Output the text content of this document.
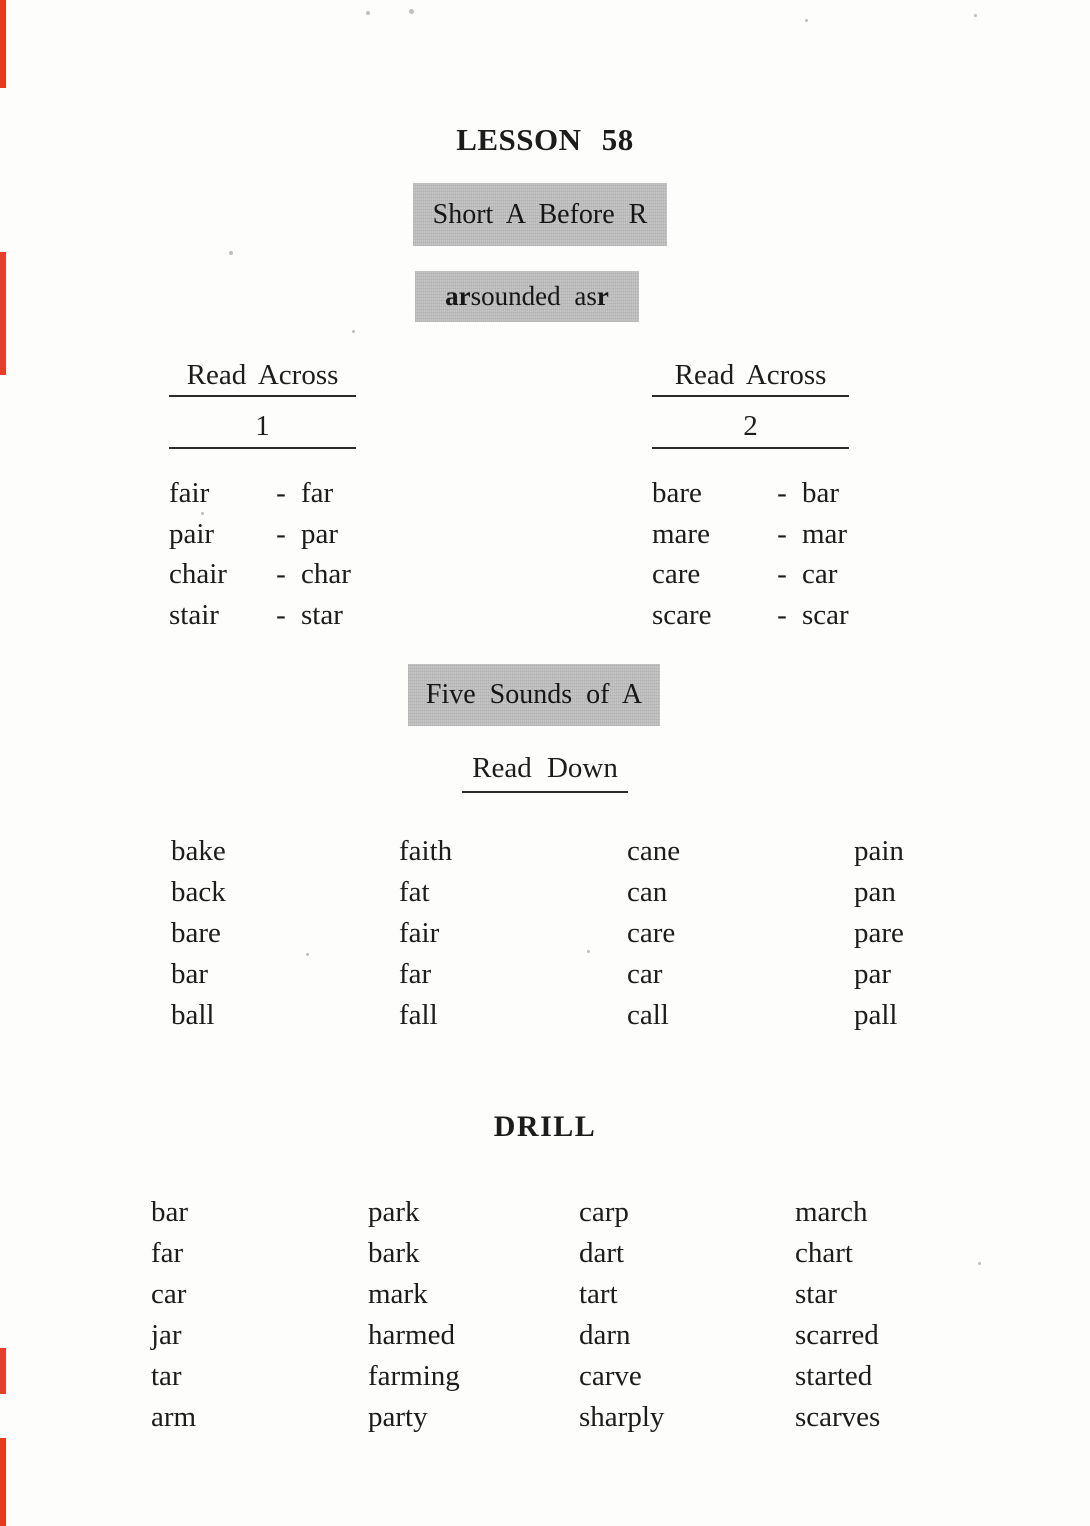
LESSON 58
Short A Before R
ar sounded as r
Read Across
1
fair	- far
pair	- par
chair	- char
stair	- star
Read Across
2
bare	- bar
mare	- mar
care	- car
scare	- scar
Five Sounds of A
Read Down
bake	faith	cane	pain
back	fat	can	pan
bare	fair	care	pare
bar	far	car	par
ball	fall	call	pall
DRILL
bar	park	carp	march
far	bark	dart	chart
car	mark	tart	star
jar	harmed	darn	scarred
tar	farming	carve	started
arm	party	sharply	scarves
